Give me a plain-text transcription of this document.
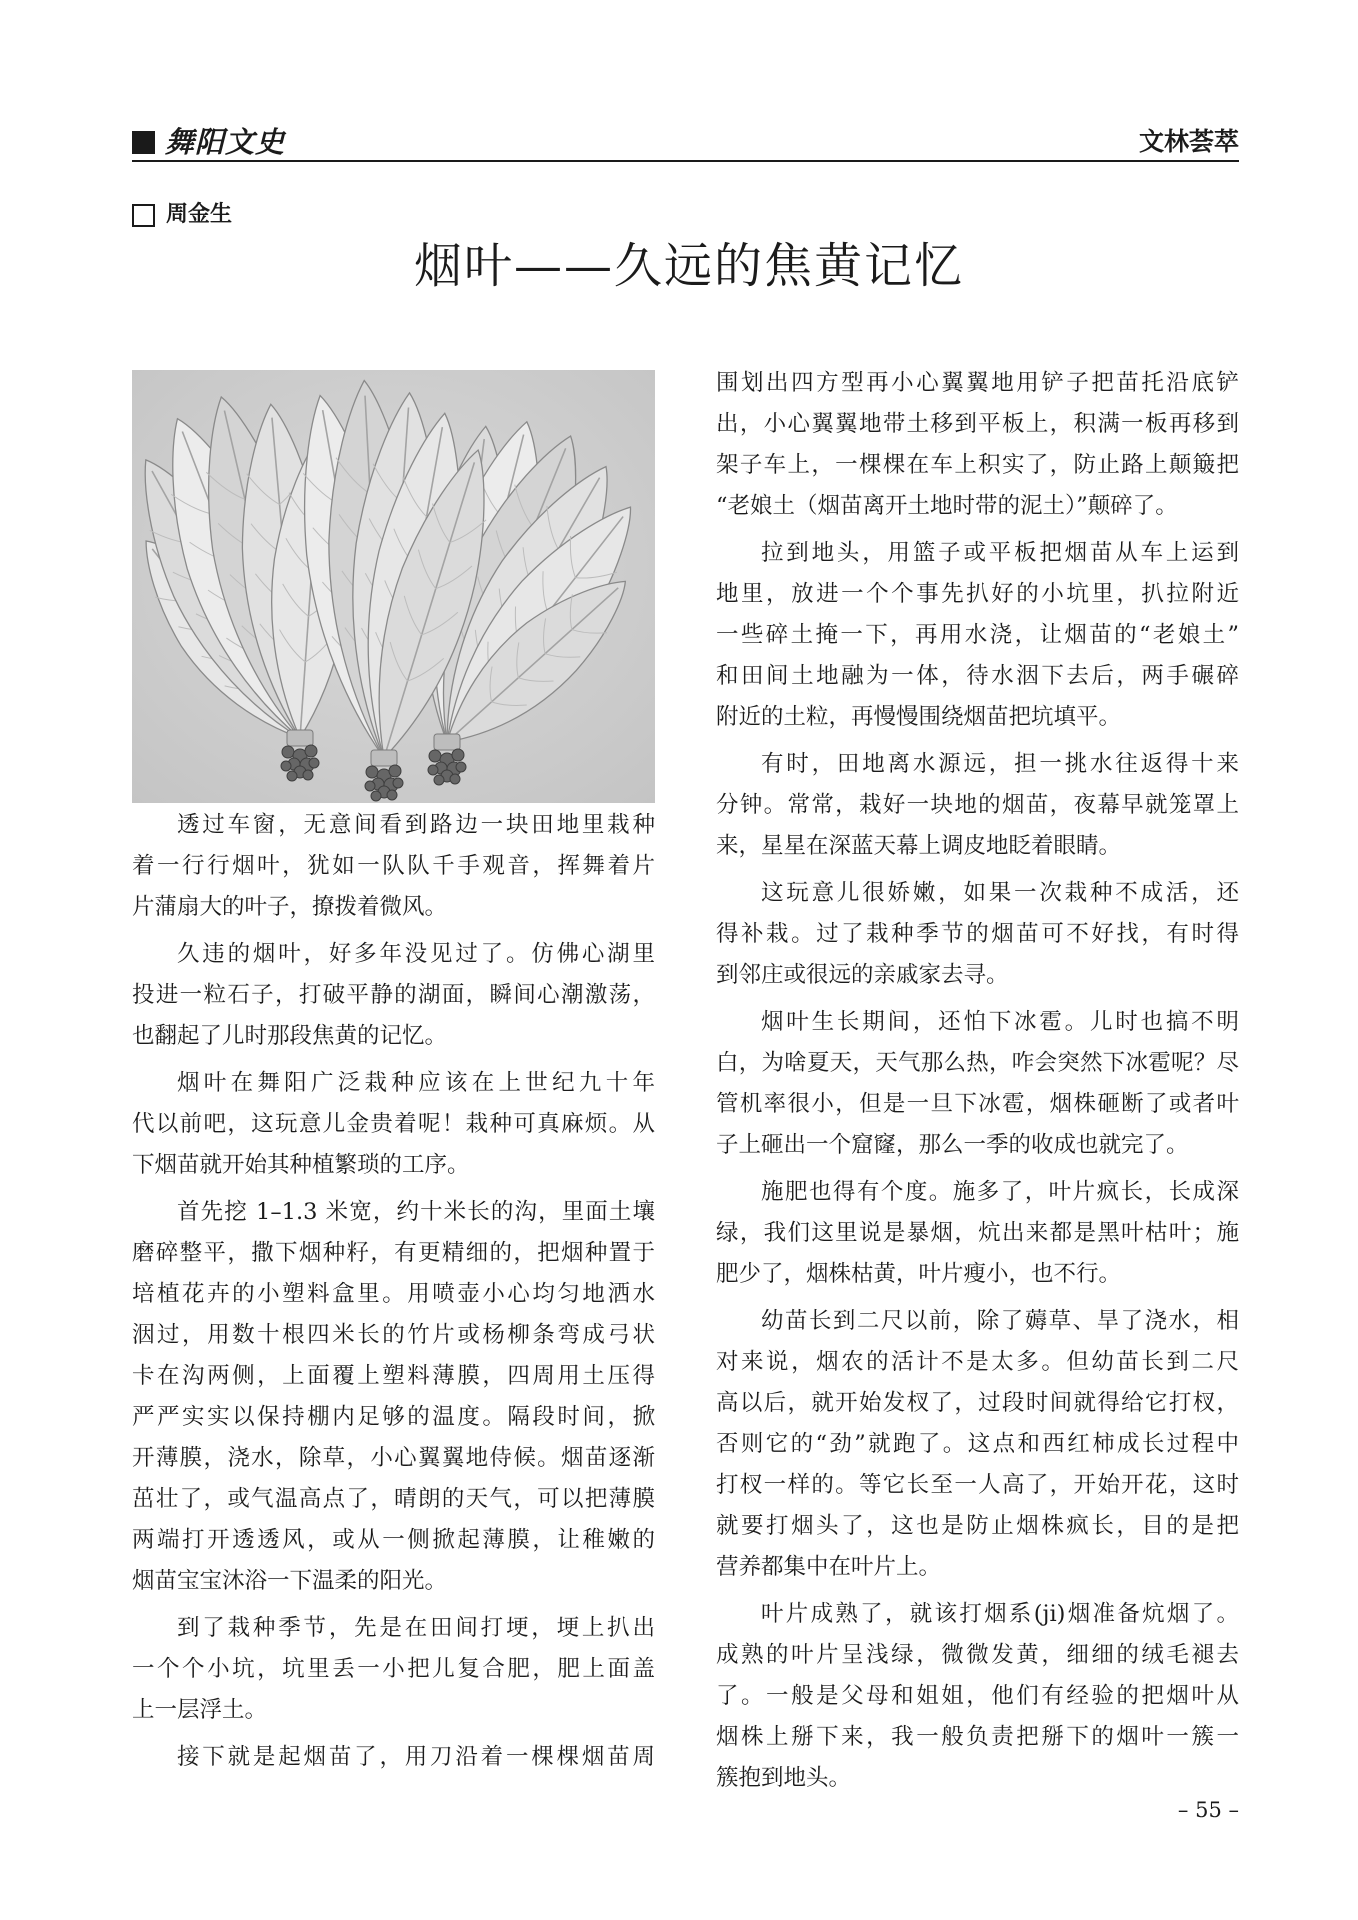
舞阳文史	文林荟萃
周金生
烟叶——久远的焦黄记忆
透过车窗，无意间看到路边一块田地里栽种
着一行行烟叶，犹如一队队千手观音，挥舞着片
片蒲扇大的叶子，撩拨着微风。
久违的烟叶，好多年没见过了。仿佛心湖里
投进一粒石子，打破平静的湖面，瞬间心潮激荡，
也翻起了儿时那段焦黄的记忆。
烟叶在舞阳广泛栽种应该在上世纪九十年
代以前吧，这玩意儿金贵着呢！栽种可真麻烦。从
下烟苗就开始其种植繁琐的工序。
首先挖 1–1.3 米宽，约十米长的沟，里面土壤
磨碎整平，撒下烟种籽，有更精细的，把烟种置于
培植花卉的小塑料盒里。用喷壶小心均匀地洒水
洇过，用数十根四米长的竹片或杨柳条弯成弓状
卡在沟两侧，上面覆上塑料薄膜，四周用土压得
严严实实以保持棚内足够的温度。隔段时间，掀
开薄膜，浇水，除草，小心翼翼地侍候。烟苗逐渐
茁壮了，或气温高点了，晴朗的天气，可以把薄膜
两端打开透透风，或从一侧掀起薄膜，让稚嫩的
烟苗宝宝沐浴一下温柔的阳光。
到了栽种季节，先是在田间打埂，埂上扒出
一个个小坑，坑里丢一小把儿复合肥，肥上面盖
上一层浮土。
接下就是起烟苗了，用刀沿着一棵棵烟苗周
围划出四方型再小心翼翼地用铲子把苗托沿底铲
出，小心翼翼地带土移到平板上，积满一板再移到
架子车上，一棵棵在车上积实了，防止路上颠簸把
“老娘土（烟苗离开土地时带的泥土）”颠碎了。
拉到地头，用篮子或平板把烟苗从车上运到
地里，放进一个个事先扒好的小坑里，扒拉附近
一些碎土掩一下，再用水浇，让烟苗的“老娘土”
和田间土地融为一体，待水洇下去后，两手碾碎
附近的土粒，再慢慢围绕烟苗把坑填平。
有时，田地离水源远，担一挑水往返得十来
分钟。常常，栽好一块地的烟苗，夜幕早就笼罩上
来，星星在深蓝天幕上调皮地眨着眼睛。
这玩意儿很娇嫩，如果一次栽种不成活，还
得补栽。过了栽种季节的烟苗可不好找，有时得
到邻庄或很远的亲戚家去寻。
烟叶生长期间，还怕下冰雹。儿时也搞不明
白，为啥夏天，天气那么热，咋会突然下冰雹呢？尽
管机率很小，但是一旦下冰雹，烟株砸断了或者叶
子上砸出一个窟窿，那么一季的收成也就完了。
施肥也得有个度。施多了，叶片疯长，长成深
绿，我们这里说是暴烟，炕出来都是黑叶枯叶；施
肥少了，烟株枯黄，叶片瘦小，也不行。
幼苗长到二尺以前，除了薅草、旱了浇水，相
对来说，烟农的活计不是太多。但幼苗长到二尺
高以后，就开始发杈了，过段时间就得给它打杈，
否则它的“劲”就跑了。这点和西红柿成长过程中
打杈一样的。等它长至一人高了，开始开花，这时
就要打烟头了，这也是防止烟株疯长，目的是把
营养都集中在叶片上。
叶片成熟了，就该打烟系(ji)烟准备炕烟了。
成熟的叶片呈浅绿，微微发黄，细细的绒毛褪去
了。一般是父母和姐姐，他们有经验的把烟叶从
烟株上掰下来，我一般负责把掰下的烟叶一簇一
簇抱到地头。
– 55 –
